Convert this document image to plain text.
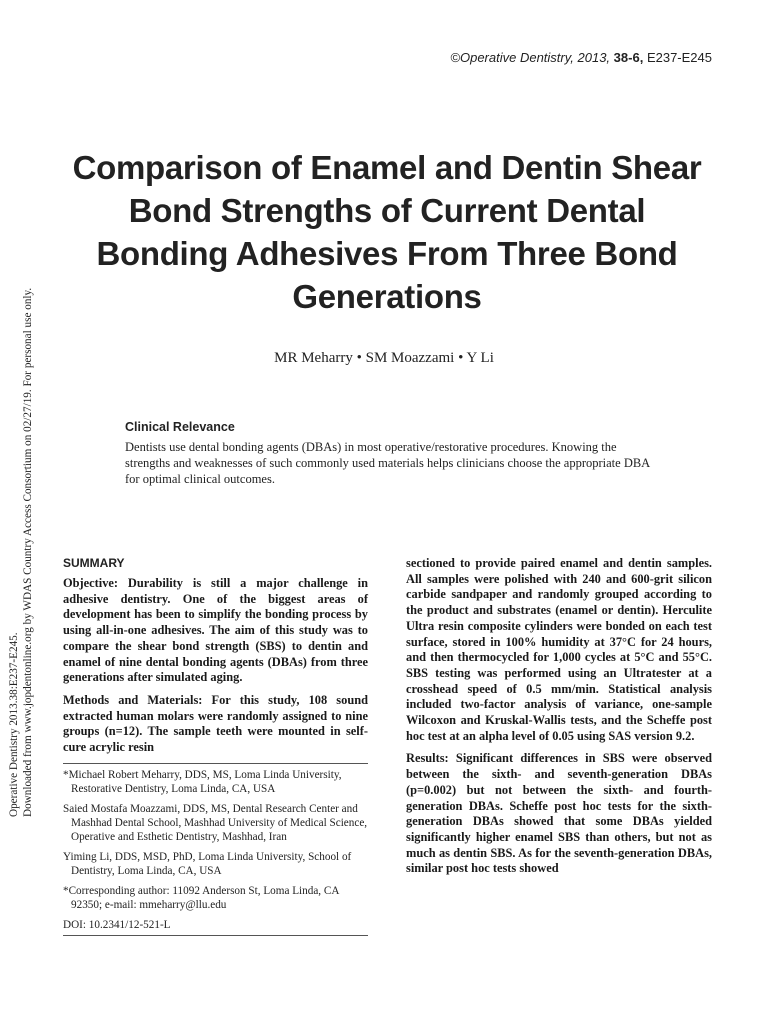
©Operative Dentistry, 2013, 38-6, E237-E245
Operative Dentistry 2013.38:E237-E245. Downloaded from www.jopdentonline.org by WDAS Country Access Consortium on 02/27/19. For personal use only.
Comparison of Enamel and Dentin Shear Bond Strengths of Current Dental Bonding Adhesives From Three Bond Generations
MR Meharry • SM Moazzami • Y Li
Clinical Relevance

Dentists use dental bonding agents (DBAs) in most operative/restorative procedures. Knowing the strengths and weaknesses of such commonly used materials helps clinicians choose the appropriate DBA for optimal clinical outcomes.

SUMMARY

Objective: Durability is still a major challenge in adhesive dentistry. One of the biggest areas of development has been to simplify the bonding process by using all-in-one adhesives. The aim of this study was to compare the shear bond strength (SBS) to dentin and enamel of nine dental bonding agents (DBAs) from three generations after simulated aging.

Methods and Materials: For this study, 108 sound extracted human molars were randomly assigned to nine groups (n=12). The sample teeth were mounted in self-cure acrylic resin

*Michael Robert Meharry, DDS, MS, Loma Linda University, Restorative Dentistry, Loma Linda, CA, USA

Saied Mostafa Moazzami, DDS, MS, Dental Research Center and Mashhad Dental School, Mashhad University of Medical Science, Operative and Esthetic Dentistry, Mashhad, Iran

Yiming Li, DDS, MSD, PhD, Loma Linda University, School of Dentistry, Loma Linda, CA, USA

*Corresponding author: 11092 Anderson St, Loma Linda, CA 92350; e-mail: mmeharry@llu.edu

DOI: 10.2341/12-521-L

sectioned to provide paired enamel and dentin samples. All samples were polished with 240 and 600-grit silicon carbide sandpaper and randomly grouped according to the product and substrates (enamel or dentin). Herculite Ultra resin composite cylinders were bonded on each test surface, stored in 100% humidity at 37°C for 24 hours, and then thermocycled for 1,000 cycles at 5°C and 55°C. SBS testing was performed using an Ultratester at a crosshead speed of 0.5 mm/min. Statistical analysis included two-factor analysis of variance, one-sample Wilcoxon and Kruskal-Wallis tests, and the Scheffe post hoc test at an alpha level of 0.05 using SAS version 9.2.

Results: Significant differences in SBS were observed between the sixth- and seventh-generation DBAs (p=0.002) but not between the sixth- and fourth-generation DBAs. Scheffe post hoc tests for the sixth-generation DBAs showed that some DBAs yielded significantly higher enamel SBS than others, but not as much as dentin SBS. As for the seventh-generation DBAs, similar post hoc tests showed
